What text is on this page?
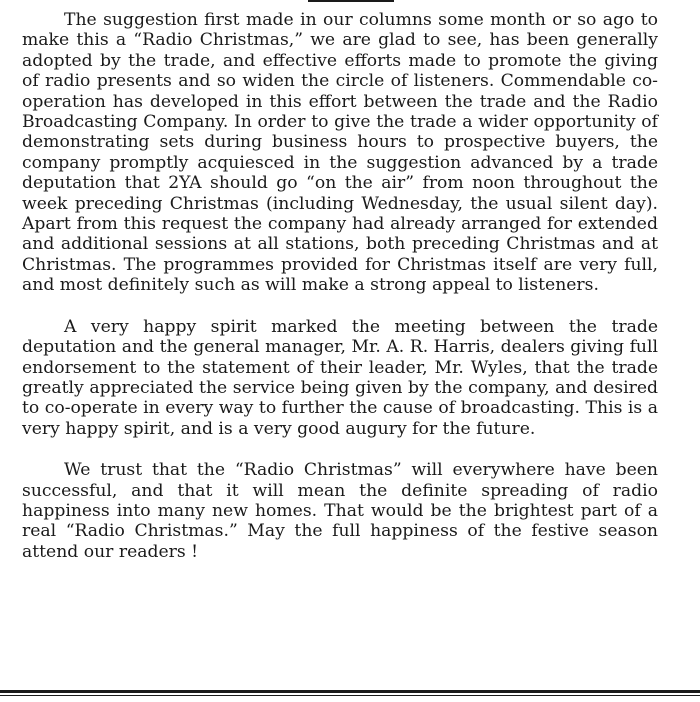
The suggestion first made in our columns some month or so ago to make this a “Radio Christmas,” we are glad to see, has been generally adopted by the trade, and effective efforts made to promote the giving of radio presents and so widen the circle of listeners. Commendable co-operation has developed in this effort between the trade and the Radio Broadcasting Company. In order to give the trade a wider opportunity of demonstrating sets during business hours to prospective buyers, the company promptly acquiesced in the suggestion advanced by a trade deputation that 2YA should go “on the air” from noon throughout the week preceding Christmas (including Wednesday, the usual silent day). Apart from this request the company had already arranged for extended and additional sessions at all stations, both preceding Christmas and at Christmas. The programmes provided for Christmas itself are very full, and most definitely such as will make a strong appeal to listeners.

A very happy spirit marked the meeting between the trade deputation and the general manager, Mr. A. R. Harris, dealers giving full endorsement to the statement of their leader, Mr. Wyles, that the trade greatly appreciated the service being given by the company, and desired to co-operate in every way to further the cause of broadcasting. This is a very happy spirit, and is a very good augury for the future.

We trust that the “Radio Christmas” will everywhere have been successful, and that it will mean the definite spreading of radio happiness into many new homes. That would be the brightest part of a real “Radio Christmas.” May the full happiness of the festive season attend our readers !
